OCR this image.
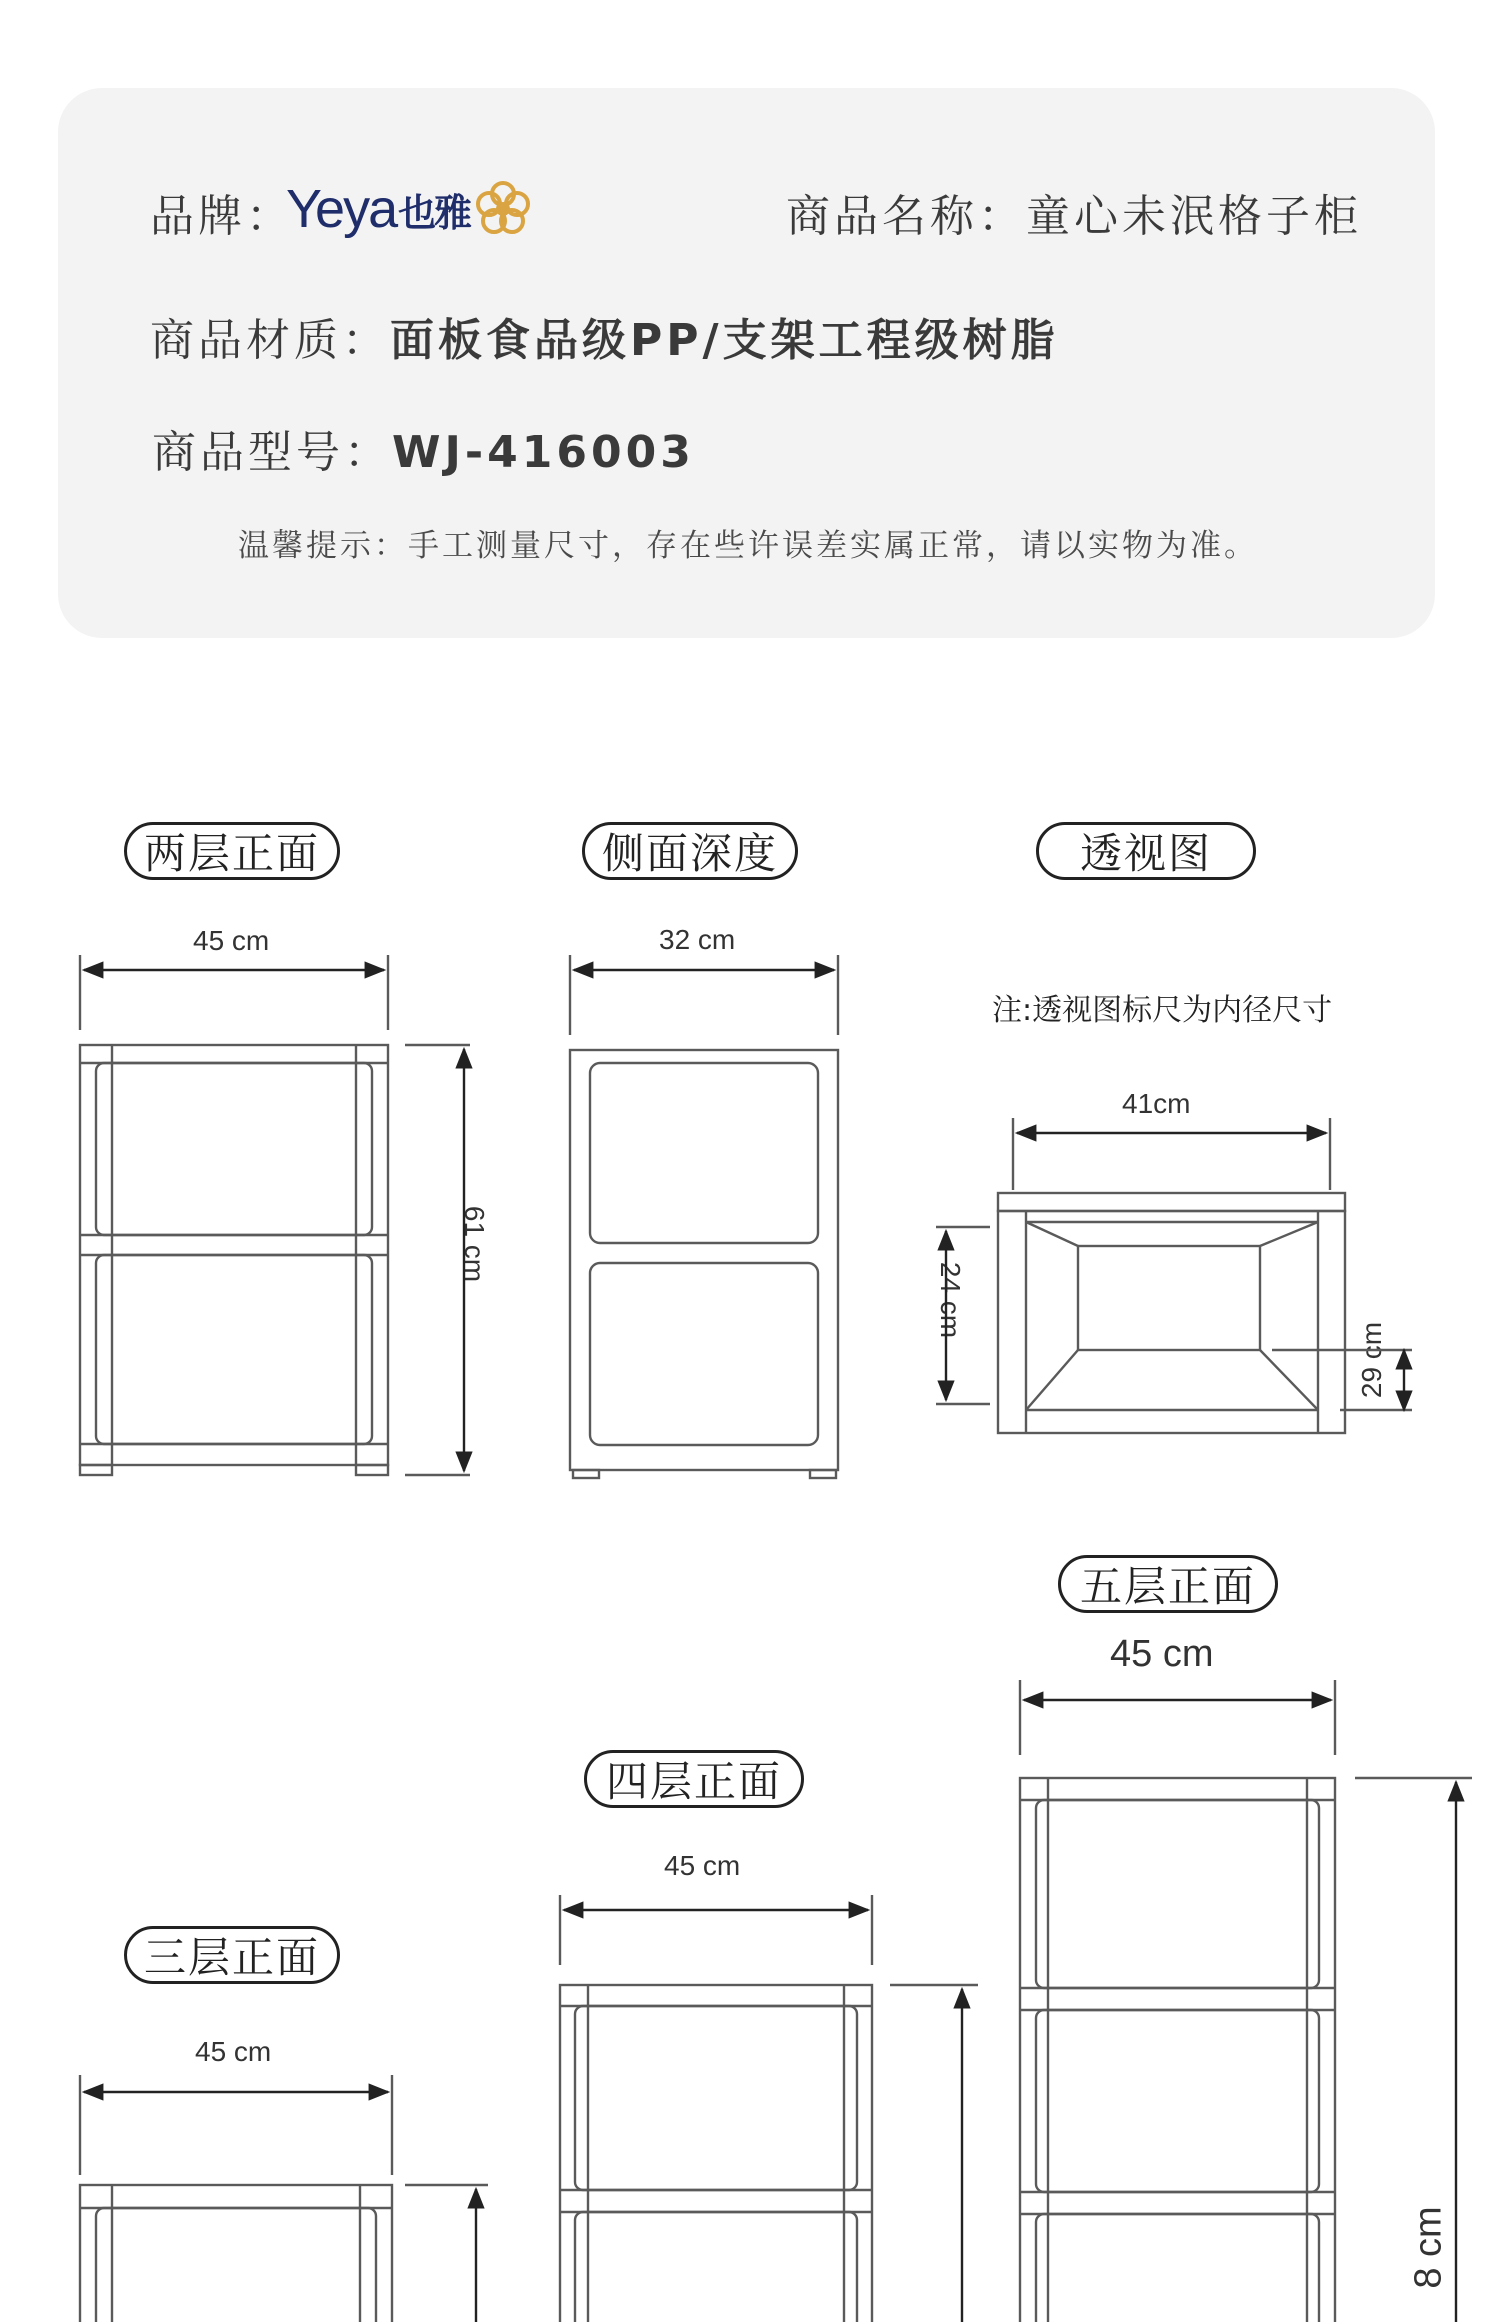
品牌：
Yeya 也雅	商品名称：童心未泯格子柜
商品材质：面板食品级PP/支架工程级树脂
商品型号：WJ-416003
温馨提示：手工测量尺寸，存在些许误差实属正常，请以实物为准。
两层正面	侧面深度	透视图
五层正面
四层正面
三层正面
45 cm
61 cm
32 cm
注:透视图标尺为内径尺寸
41cm
24 cm
29 cm
45 cm
8 cm
45 cm
45 cm
